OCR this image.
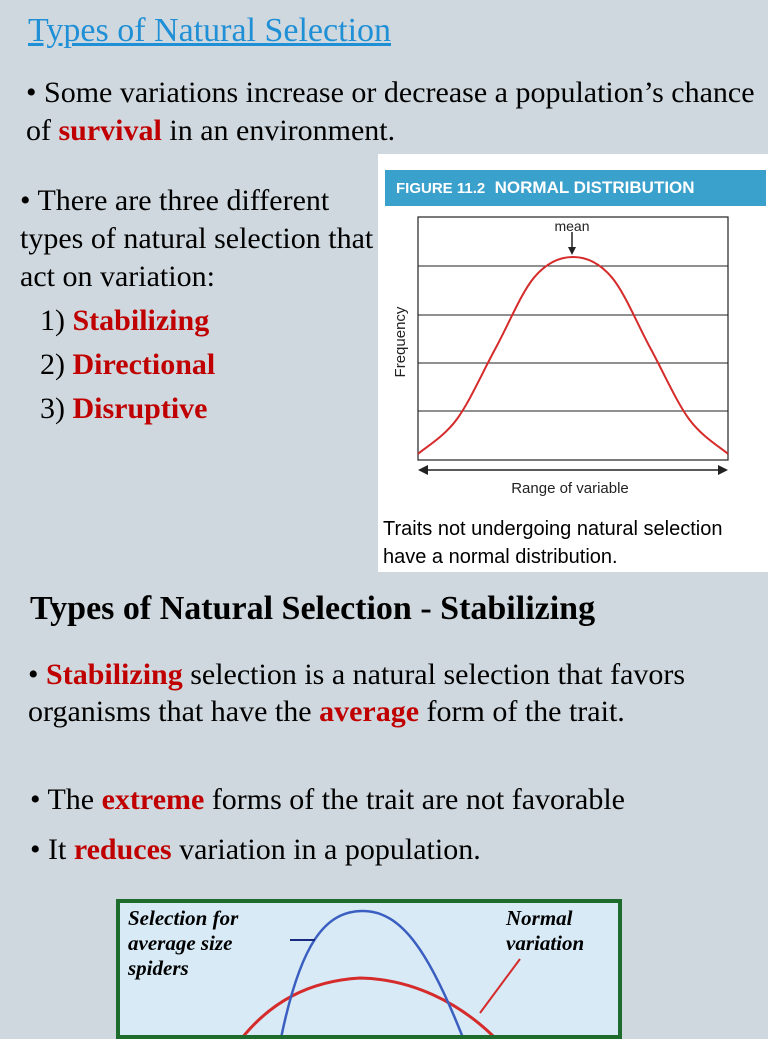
Types of Natural Selection
• Some variations increase or decrease a population’s chance of survival in an environment.
• There are three different types of natural selection that act on variation:
1) Stabilizing
2) Directional
3) Disruptive
FIGURE 11.2 NORMAL DISTRIBUTION
mean
Frequency
Range of variable
Traits not undergoing natural selection have a normal distribution.
Types of Natural Selection - Stabilizing
• Stabilizing selection is a natural selection that favors organisms that have the average form of the trait.
• The extreme forms of the trait are not favorable
• It reduces variation in a population.
Selection for
average size
spiders
Normal
variation
